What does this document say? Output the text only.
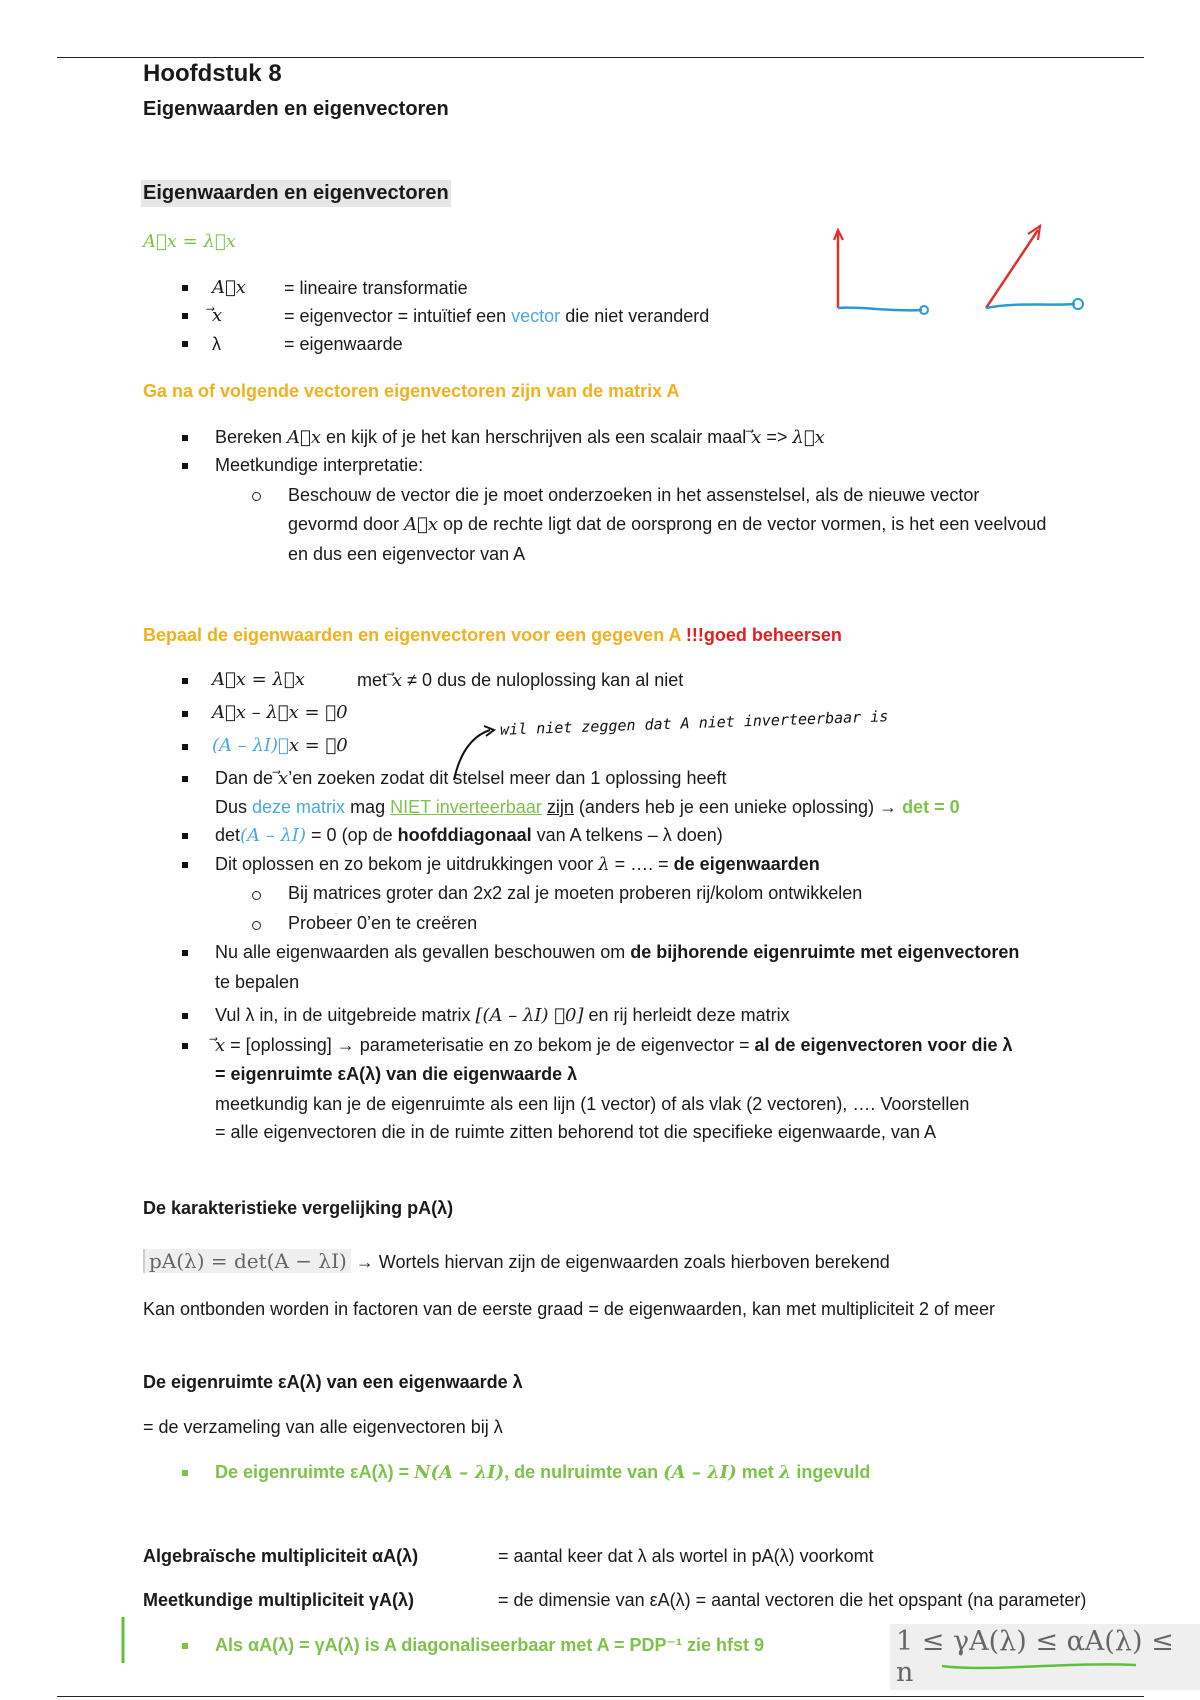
Hoofdstuk 8
Eigenwaarden en eigenvectoren
Eigenwaarden en eigenvectoren
A⃗x = λ⃗x
A⃗x = lineaire transformatie
⃗x	= eigenvector = intuïtief een vector die niet veranderd
λ	= eigenwaarde
Ga na of volgende vectoren eigenvectoren zijn van de matrix A
Bereken A⃗x en kijk of je het kan herschrijven als een scalair maal ⃗x => λ⃗x
Meetkundige interpretatie:
Beschouw de vector die je moet onderzoeken in het assenstelsel, als de nieuwe vector
gevormd door A⃗x op de rechte ligt dat de oorsprong en de vector vormen, is het een veelvoud
en dus een eigenvector van A
Bepaal de eigenwaarden en eigenvectoren voor een gegeven A !!!goed beheersen
A⃗x = λ⃗x	met ⃗x ≠ 0 dus de nuloplossing kan al niet
A⃗x – λ⃗x = ⃗0
(A – λI)⃗x = ⃗0
wil niet zeggen dat A niet inverteerbaar is
Dan de ⃗x’en zoeken zodat dit stelsel meer dan 1 oplossing heeft
Dus deze matrix mag NIET inverteerbaar zijn (anders heb je een unieke oplossing) → det = 0
det(A – λI) = 0 (op de hoofddiagonaal van A telkens – λ doen)
Dit oplossen en zo bekom je uitdrukkingen voor λ = …. = de eigenwaarden
Bij matrices groter dan 2x2 zal je moeten proberen rij/kolom ontwikkelen
Probeer 0’en te creëren
Nu alle eigenwaarden als gevallen beschouwen om de bijhorende eigenruimte met eigenvectoren
te bepalen
Vul λ in, in de uitgebreide matrix [(A – λI) ⃗0] en rij herleidt deze matrix
⃗x = [oplossing] → parameterisatie en zo bekom je de eigenvector = al de eigenvectoren voor die λ
= eigenruimte εA(λ) van die eigenwaarde λ
meetkundig kan je de eigenruimte als een lijn (1 vector) of als vlak (2 vectoren), …. Voorstellen
= alle eigenvectoren die in de ruimte zitten behorend tot die specifieke eigenwaarde, van A
De karakteristieke vergelijking pA(λ)
pA(λ) = det(A − λI) → Wortels hiervan zijn de eigenwaarden zoals hierboven berekend
Kan ontbonden worden in factoren van de eerste graad = de eigenwaarden, kan met multipliciteit 2 of meer
De eigenruimte εA(λ) van een eigenwaarde λ
= de verzameling van alle eigenvectoren bij λ
De eigenruimte εA(λ) = N(A – λI), de nulruimte van (A – λI) met λ ingevuld
Algebraïsche multipliciteit αA(λ)	= aantal keer dat λ als wortel in pA(λ) voorkomt
Meetkundige multipliciteit γA(λ)	= de dimensie van εA(λ) = aantal vectoren die het opspant (na parameter)
Als αA(λ) = γA(λ) is A diagonaliseerbaar met A = PDP⁻¹ zie hfst 9	1 ≤ γA(λ) ≤ αA(λ) ≤ n
